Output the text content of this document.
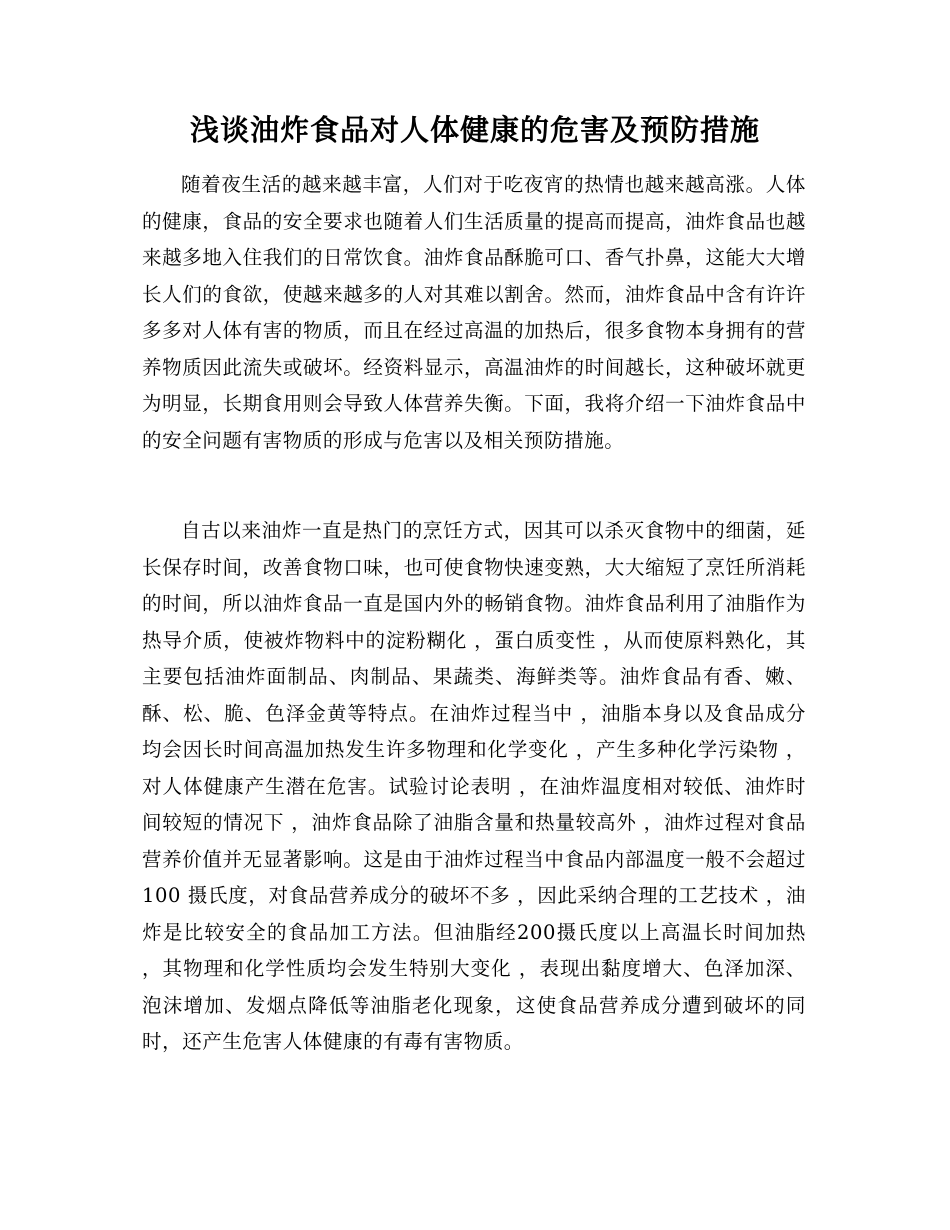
浅谈油炸食品对人体健康的危害及预防措施

随着夜生活的越来越丰富，人们对于吃夜宵的热情也越来越高涨。人体的健康，食品的安全要求也随着人们生活质量的提高而提高，油炸食品也越来越多地入住我们的日常饮食。油炸食品酥脆可口、香气扑鼻，这能大大增长人们的食欲，使越来越多的人对其难以割舍。然而，油炸食品中含有许许多多对人体有害的物质，而且在经过高温的加热后，很多食物本身拥有的营养物质因此流失或破坏。经资料显示，高温油炸的时间越长，这种破坏就更为明显，长期食用则会导致人体营养失衡。下面，我将介绍一下油炸食品中的安全问题有害物质的形成与危害以及相关预防措施。

自古以来油炸一直是热门的烹饪方式，因其可以杀灭食物中的细菌，延长保存时间，改善食物口味，也可使食物快速变熟，大大缩短了烹饪所消耗的时间，所以油炸食品一直是国内外的畅销食物。油炸食品利用了油脂作为热导介质，使被炸物料中的淀粉糊化 ，蛋白质变性 ，从而使原料熟化，其主要包括油炸面制品、肉制品、果蔬类、海鲜类等。油炸食品有香、嫩、酥、松、脆、色泽金黄等特点。在油炸过程当中 ，油脂本身以及食品成分均会因长时间高温加热发生许多物理和化学变化 ，产生多种化学污染物 ，对人体健康产生潜在危害。试验讨论表明 ，在油炸温度相对较低、油炸时间较短的情况下 ，油炸食品除了油脂含量和热量较高外 ，油炸过程对食品营养价值并无显著影响。这是由于油炸过程当中食品内部温度一般不会超过100 摄氏度，对食品营养成分的破坏不多 ，因此采纳合理的工艺技术 ，油炸是比较安全的食品加工方法。但油脂经200摄氏度以上高温长时间加热 ，其物理和化学性质均会发生特别大变化 ，表现出黏度增大、色泽加深、泡沫增加、发烟点降低等油脂老化现象，这使食品营养成分遭到破坏的同时，还产生危害人体健康的有毒有害物质。
